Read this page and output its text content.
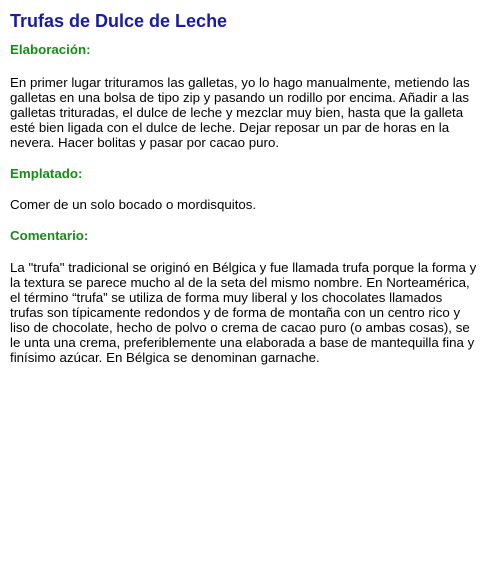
Trufas de Dulce de Leche
Elaboración:

En primer lugar trituramos las galletas, yo lo hago manualmente, metiendo las galletas en una bolsa de tipo zip y pasando un rodillo por encima. Añadir a las galletas trituradas, el dulce de leche y mezclar muy bien, hasta que la galleta esté bien ligada con el dulce de leche. Dejar reposar un par de horas en la nevera. Hacer bolitas y pasar por cacao puro.

Emplatado:

Comer de un solo bocado o mordisquitos.

Comentario:

La "trufa" tradicional se originó en Bélgica y fue llamada trufa porque la forma y la textura se parece mucho al de la seta del mismo nombre. En Norteamérica, el término “trufa” se utiliza de forma muy liberal y los chocolates llamados trufas son típicamente redondos y de forma de montaña con un centro rico y liso de chocolate, hecho de polvo o crema de cacao puro (o ambas cosas), se le unta una crema, preferiblemente una elaborada a base de mantequilla fina y finísimo azúcar. En Bélgica se denominan garnache.
